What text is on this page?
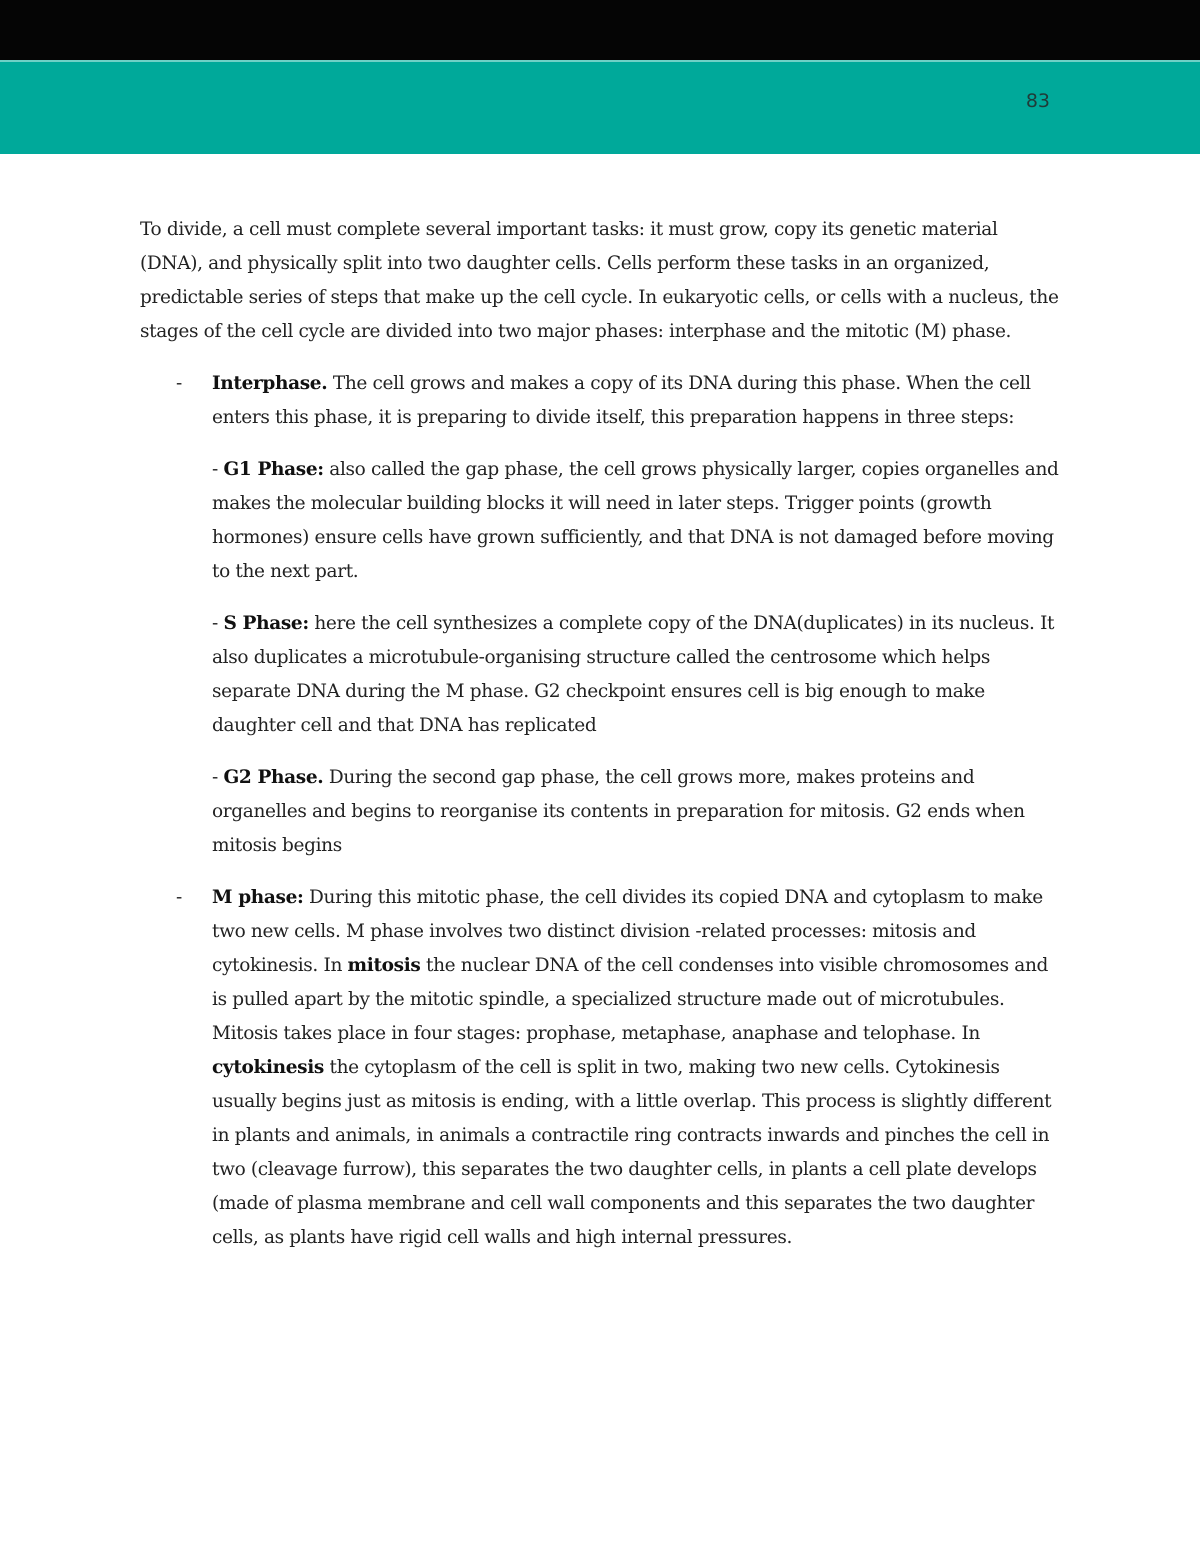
83

To divide, a cell must complete several important tasks: it must grow, copy its genetic material (DNA), and physically split into two daughter cells. Cells perform these tasks in an organized, predictable series of steps that make up the cell cycle. In eukaryotic cells, or cells with a nucleus, the stages of the cell cycle are divided into two major phases: interphase and the mitotic (M) phase.

- Interphase. The cell grows and makes a copy of its DNA during this phase. When the cell enters this phase, it is preparing to divide itself, this preparation happens in three steps:

- G1 Phase: also called the gap phase, the cell grows physically larger, copies organelles and makes the molecular building blocks it will need in later steps. Trigger points (growth hormones) ensure cells have grown sufficiently, and that DNA is not damaged before moving to the next part.

- S Phase: here the cell synthesizes a complete copy of the DNA(duplicates) in its nucleus. It also duplicates a microtubule-organising structure called the centrosome which helps separate DNA during the M phase. G2 checkpoint ensures cell is big enough to make daughter cell and that DNA has replicated

- G2 Phase. During the second gap phase, the cell grows more, makes proteins and organelles and begins to reorganise its contents in preparation for mitosis. G2 ends when mitosis begins

- M phase: During this mitotic phase, the cell divides its copied DNA and cytoplasm to make two new cells. M phase involves two distinct division -related processes: mitosis and cytokinesis. In mitosis the nuclear DNA of the cell condenses into visible chromosomes and is pulled apart by the mitotic spindle, a specialized structure made out of microtubules. Mitosis takes place in four stages: prophase, metaphase, anaphase and telophase. In cytokinesis the cytoplasm of the cell is split in two, making two new cells. Cytokinesis usually begins just as mitosis is ending, with a little overlap. This process is slightly different in plants and animals, in animals a contractile ring contracts inwards and pinches the cell in two (cleavage furrow), this separates the two daughter cells, in plants a cell plate develops (made of plasma membrane and cell wall components and this separates the two daughter cells, as plants have rigid cell walls and high internal pressures.
